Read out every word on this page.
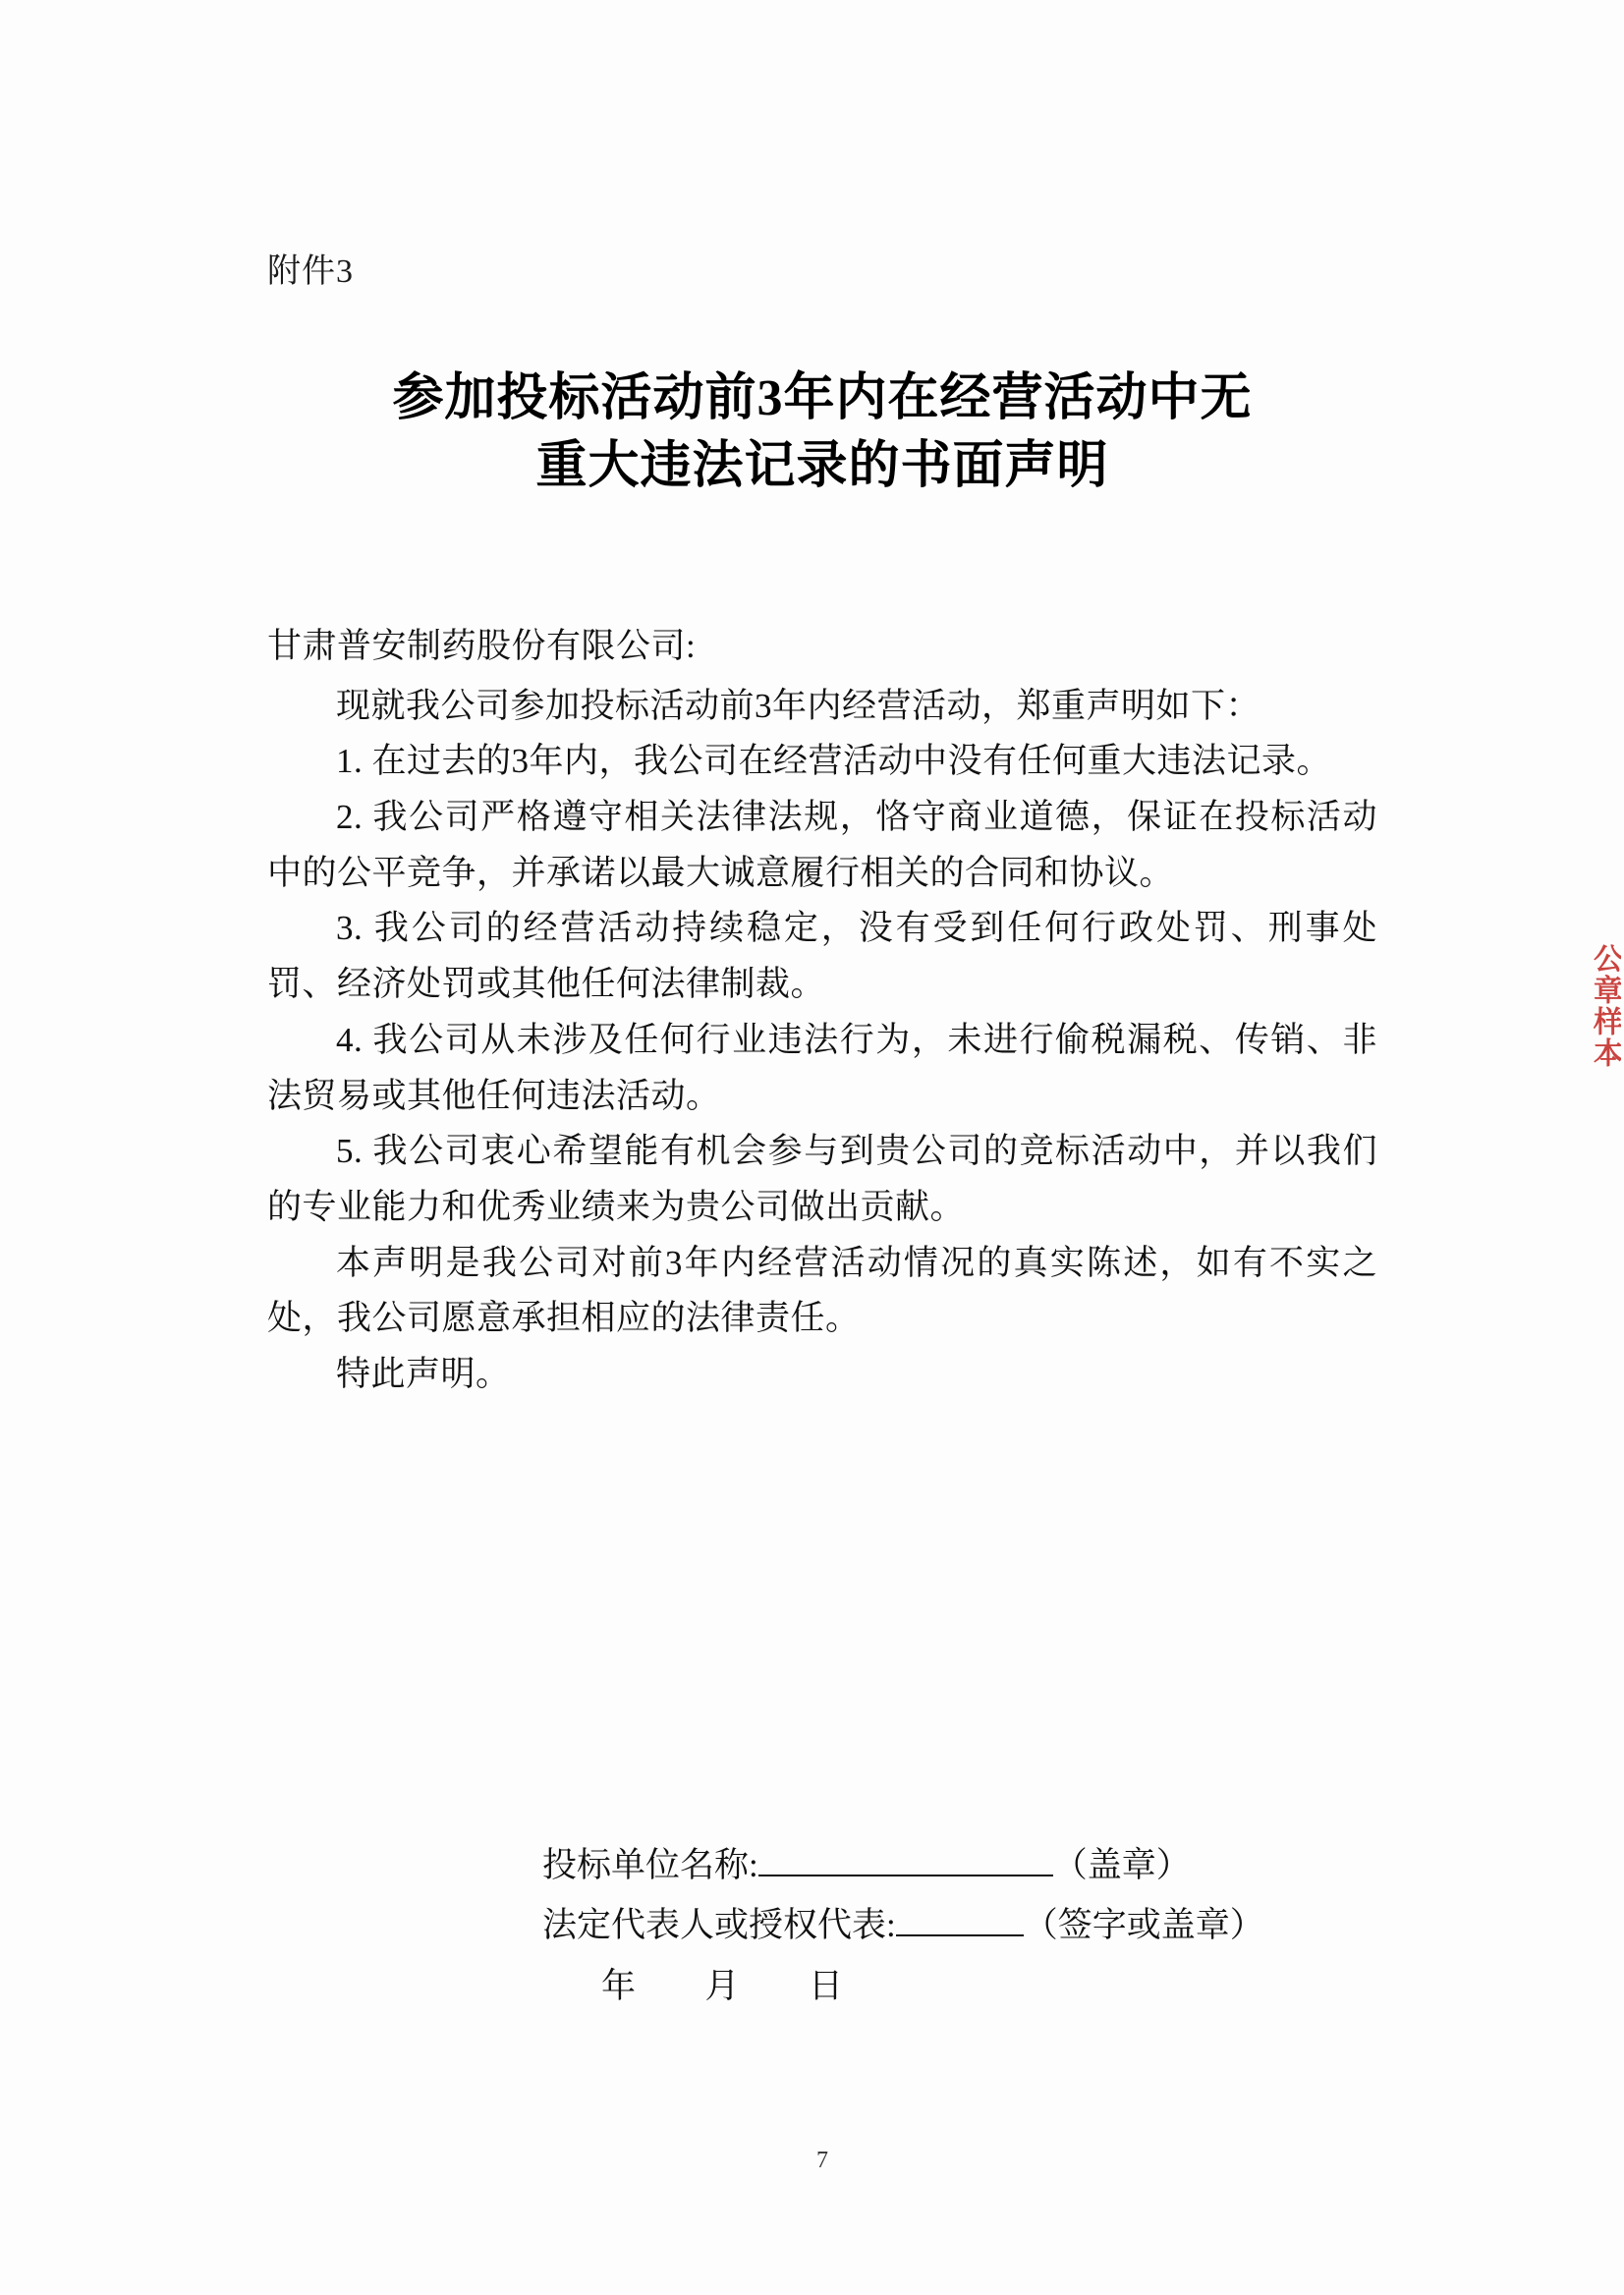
附件3
参加投标活动前3年内在经营活动中无
重大违法记录的书面声明

甘肃普安制药股份有限公司:

现就我公司参加投标活动前3年内经营活动，郑重声明如下：

1. 在过去的3年内，我公司在经营活动中没有任何重大违法记录。

2. 我公司严格遵守相关法律法规，恪守商业道德，保证在投标活动中的公平竞争，并承诺以最大诚意履行相关的合同和协议。

3. 我公司的经营活动持续稳定，没有受到任何行政处罚、刑事处罚、经济处罚或其他任何法律制裁。

4. 我公司从未涉及任何行业违法行为，未进行偷税漏税、传销、非法贸易或其他任何违法活动。

5. 我公司衷心希望能有机会参与到贵公司的竞标活动中，并以我们的专业能力和优秀业绩来为贵公司做出贡献。

本声明是我公司对前3年内经营活动情况的真实陈述，如有不实之处，我公司愿意承担相应的法律责任。

特此声明。

投标单位名称:	（盖章）
法定代表人或授权代表:	（签字或盖章）
年 月 日
7
公章样本
